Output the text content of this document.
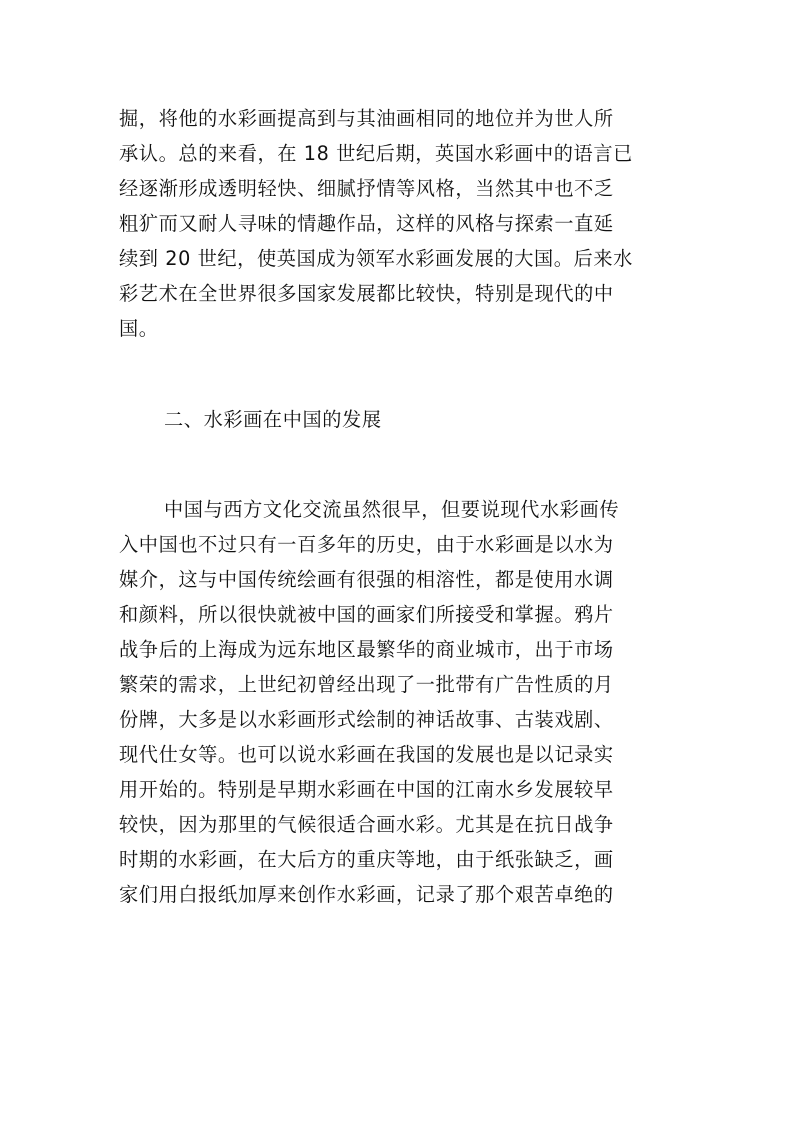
掘，将他的水彩画提高到与其油画相同的地位并为世人所
承认。总的来看，在 18 世纪后期，英国水彩画中的语言已
经逐渐形成透明轻快、细腻抒情等风格，当然其中也不乏
粗犷而又耐人寻味的情趣作品，这样的风格与探索一直延
续到 20 世纪，使英国成为领军水彩画发展的大国。后来水
彩艺术在全世界很多国家发展都比较快，特别是现代的中
国。
二、水彩画在中国的发展
中国与西方文化交流虽然很早，但要说现代水彩画传
入中国也不过只有一百多年的历史，由于水彩画是以水为
媒介，这与中国传统绘画有很强的相溶性，都是使用水调
和颜料，所以很快就被中国的画家们所接受和掌握。鸦片
战争后的上海成为远东地区最繁华的商业城市，出于市场
繁荣的需求，上世纪初曾经出现了一批带有广告性质的月
份牌，大多是以水彩画形式绘制的神话故事、古装戏剧、
现代仕女等。也可以说水彩画在我国的发展也是以记录实
用开始的。特别是早期水彩画在中国的江南水乡发展较早
较快，因为那里的气候很适合画水彩。尤其是在抗日战争
时期的水彩画，在大后方的重庆等地，由于纸张缺乏，画
家们用白报纸加厚来创作水彩画，记录了那个艰苦卓绝的
